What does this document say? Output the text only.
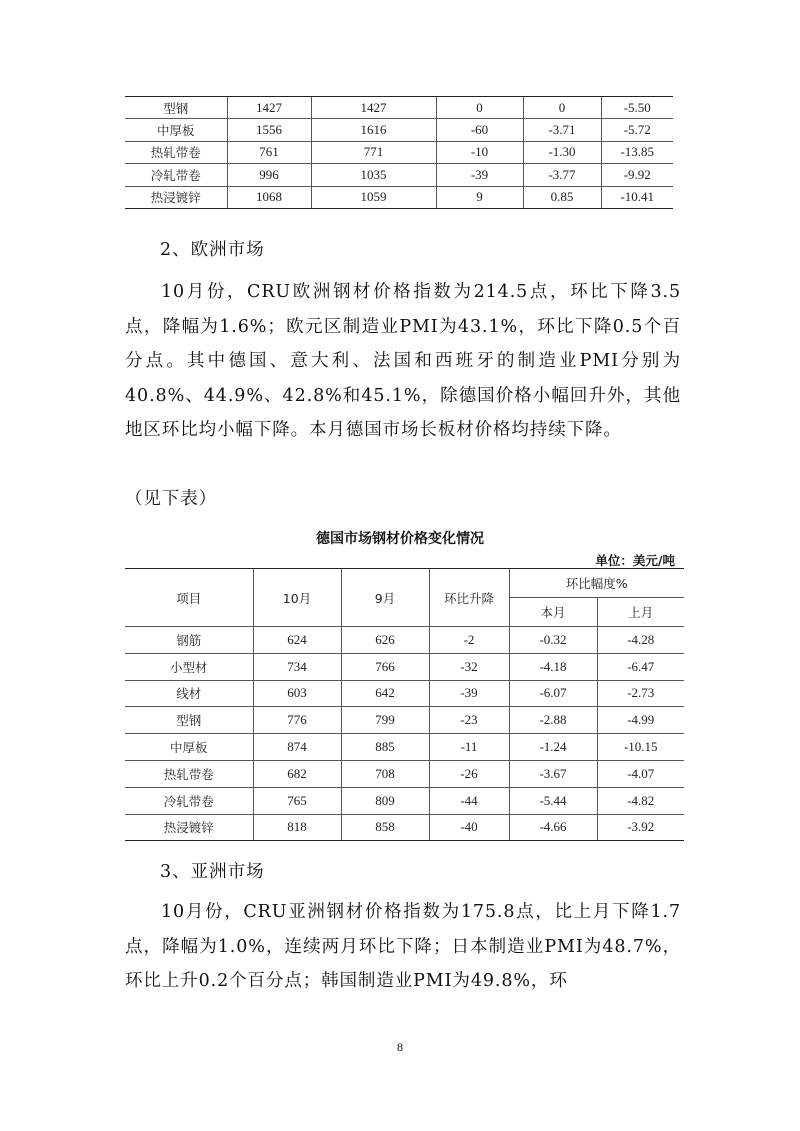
型钢	1427	1427	0	0	-5.50
中厚板	1556	1616	-60	-3.71	-5.72
热轧带卷	761	771	-10	-1.30	-13.85
冷轧带卷	996	1035	-39	-3.77	-9.92
热浸镀锌	1068	1059	9	0.85	-10.41
2、欧洲市场
10月份，CRU欧洲钢材价格指数为214.5点，环比下降3.5点，降幅为1.6%；欧元区制造业PMI为43.1%，环比下降0.5个百分点。其中德国、意大利、法国和西班牙的制造业PMI分别为40.8%、44.9%、42.8%和45.1%，除德国价格小幅回升外，其他地区环比均小幅下降。本月德国市场长板材价格均持续下降。
（见下表）
德国市场钢材价格变化情况
单位：美元/吨
项目	10月	9月	环比升降	环比幅度%	
				本月	上月
钢筋	624	626	-2	-0.32	-4.28
小型材	734	766	-32	-4.18	-6.47
线材	603	642	-39	-6.07	-2.73
型钢	776	799	-23	-2.88	-4.99
中厚板	874	885	-11	-1.24	-10.15
热轧带卷	682	708	-26	-3.67	-4.07
冷轧带卷	765	809	-44	-5.44	-4.82
热浸镀锌	818	858	-40	-4.66	-3.92
3、亚洲市场
10月份，CRU亚洲钢材价格指数为175.8点，比上月下降1.7点，降幅为1.0%，连续两月环比下降；日本制造业PMI为48.7%，环比上升0.2个百分点；韩国制造业PMI为49.8%，环
8
